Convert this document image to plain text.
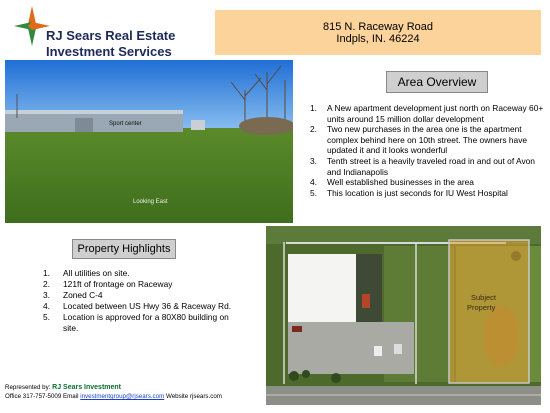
RJ Sears Real Estate
Investment Services
815 N. Raceway Road
Indpls, IN. 46224
Sport center
Looking East
Area Overview
1. A New apartment development just north on Raceway 60+ units around 15 million dollar development
2. Two new purchases in the area one is the apartment complex behind here on 10th street. The owners have updated it and it looks wonderful
3. Tenth street is a heavily traveled road in and out of Avon and Indianapolis
4. Well established businesses in the area
5. This location is just seconds for IU West Hospital
Property Highlights
1. All utilities on site.
2. 121ft of frontage on Raceway
3. Zoned C-4
4. Located between US Hwy 36 & Raceway Rd.
5. Location is approved for a 80X80 building on site.
Subject
Property
Represented by: RJ Sears Investment
Office 317-757-5009 Email investmentgroup@rjsears.com Website rjsears.com
